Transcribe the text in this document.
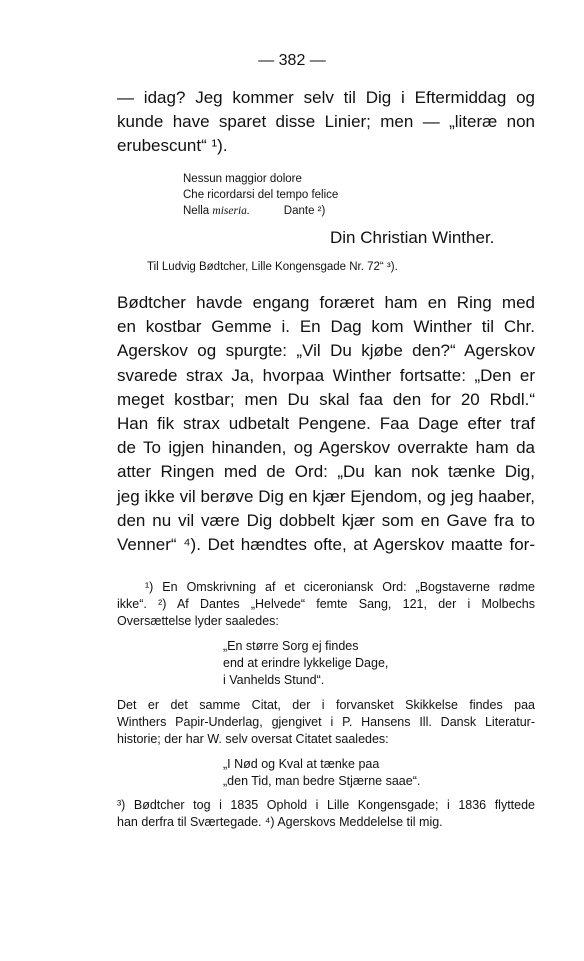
— 382 —
— idag? Jeg kommer selv til Dig i Eftermiddag og
kunde have sparet disse Linier; men — „literæ non
erubescunt“ ¹).
Nessun maggior dolore
Che ricordarsi del tempo felice
Nella miseria.	Dante ²)
Din Christian Winther.
Til Ludvig Bødtcher, Lille Kongensgade Nr. 72“ ³).
Bødtcher havde engang foræret ham en Ring med
en kostbar Gemme i. En Dag kom Winther til Chr.
Agerskov og spurgte: „Vil Du kjøbe den?“ Agerskov
svarede strax Ja, hvorpaa Winther fortsatte: „Den er
meget kostbar; men Du skal faa den for 20 Rbdl.“
Han fik strax udbetalt Pengene. Faa Dage efter traf
de To igjen hinanden, og Agerskov overrakte ham da
atter Ringen med de Ord: „Du kan nok tænke Dig,
jeg ikke vil berøve Dig en kjær Ejendom, og jeg haaber,
den nu vil være Dig dobbelt kjær som en Gave fra to
Venner“ ⁴). Det hændtes ofte, at Agerskov maatte for-
¹) En Omskrivning af et ciceroniansk Ord: „Bogstaverne rødme
ikke“. ²) Af Dantes „Helvede“ femte Sang, 121, der i Molbechs
Oversættelse lyder saaledes:
„En større Sorg ej findes
end at erindre lykkelige Dage,
i Vanhelds Stund“.
Det er det samme Citat, der i forvansket Skikkelse findes paa
Winthers Papir-Underlag, gjengivet i P. Hansens Ill. Dansk Literatur-
historie; der har W. selv oversat Citatet saaledes:
„I Nød og Kval at tænke paa
„den Tid, man bedre Stjærne saae“.
³) Bødtcher tog i 1835 Ophold i Lille Kongensgade; i 1836 flyttede
han derfra til Sværtegade. ⁴) Agerskovs Meddelelse til mig.
